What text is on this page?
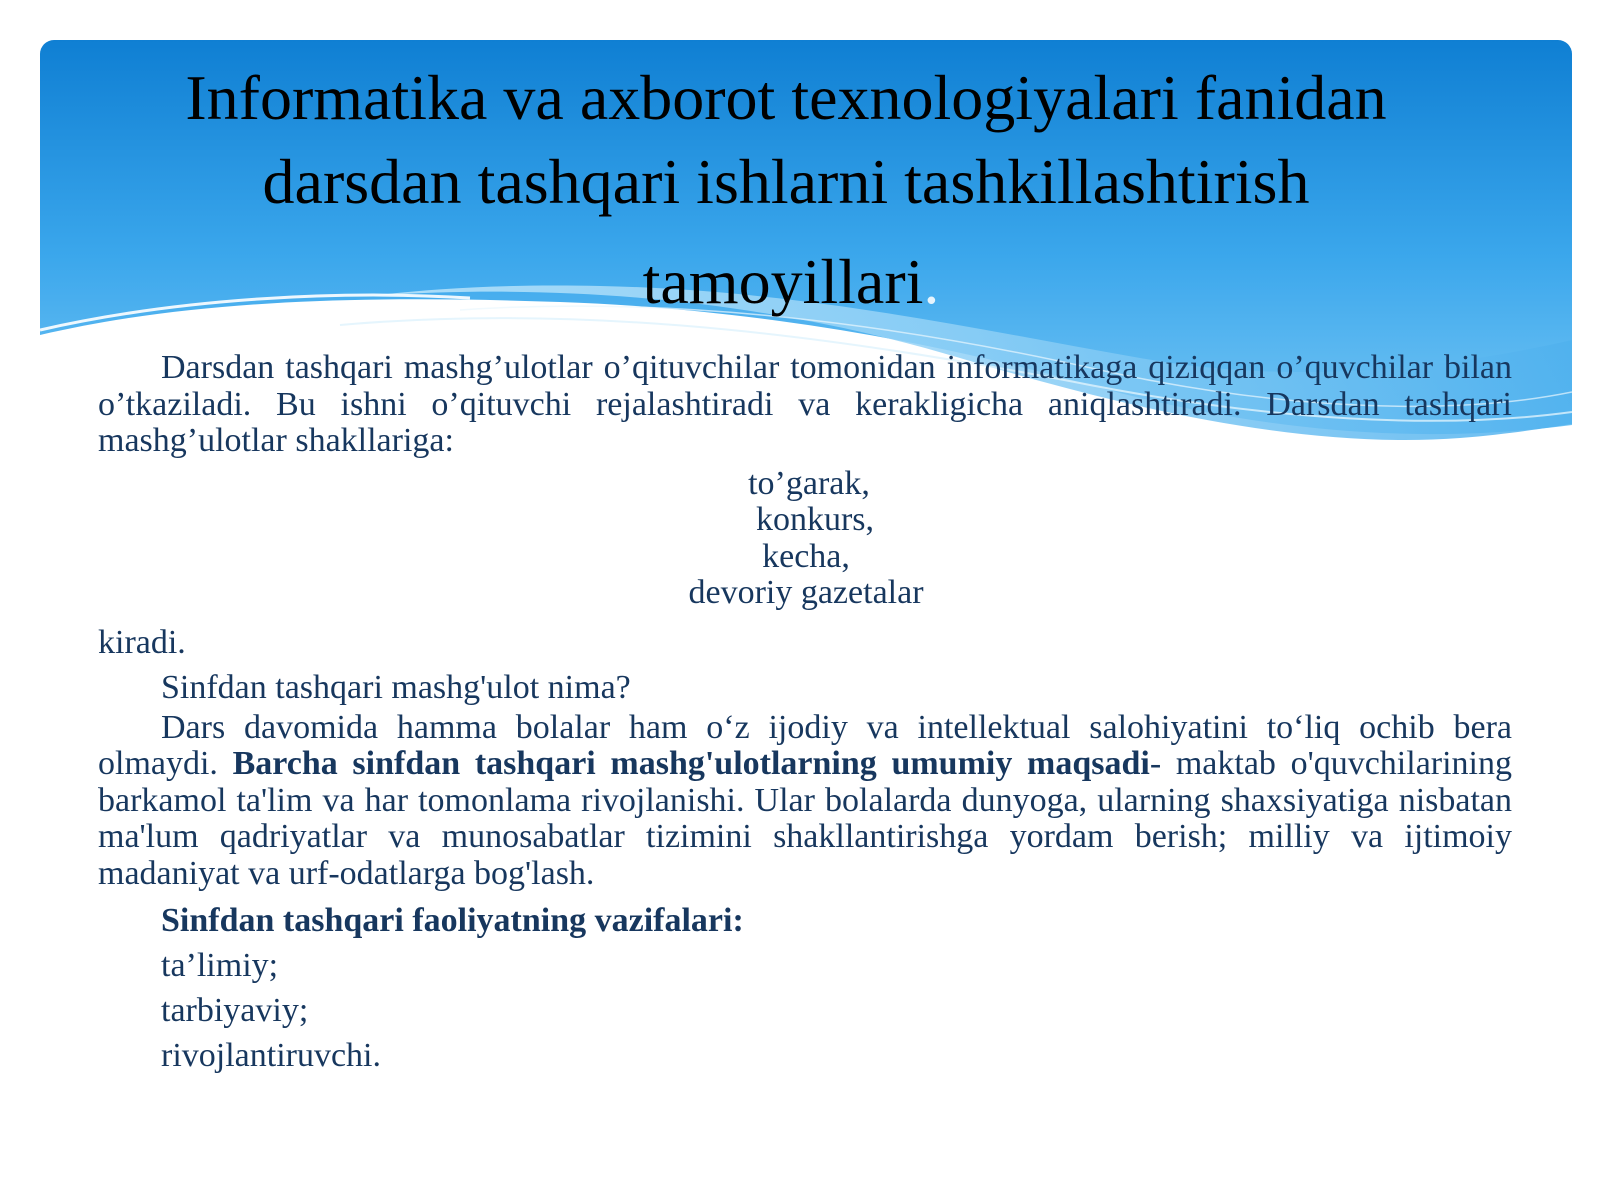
Informatika va axborot texnologiyalari fanidan
darsdan tashqari ishlarni tashkillashtirish
tamoyillari.

Darsdan tashqari mashg’ulotlar o’qituvchilar tomonidan informatikaga qiziqqan o’quvchilar bilan o’tkaziladi. Bu ishni o’qituvchi rejalashtiradi va kerakligicha aniqlashtiradi. Darsdan tashqari mashg’ulotlar shakllariga:

to’garak,
konkurs,
kecha,
devoriy gazetalar

kiradi.

Sinfdan tashqari mashg'ulot nima?

Dars davomida hamma bolalar ham o‘z ijodiy va intellektual salohiyatini to‘liq ochib bera olmaydi. Barcha sinfdan tashqari mashg'ulotlarning umumiy maqsadi- maktab o'quvchilarining barkamol ta'lim va har tomonlama rivojlanishi. Ular bolalarda dunyoga, ularning shaxsiyatiga nisbatan ma'lum qadriyatlar va munosabatlar tizimini shakllantirishga yordam berish; milliy va ijtimoiy madaniyat va urf-odatlarga bog'lash.

Sinfdan tashqari faoliyatning vazifalari:

ta’limiy;

tarbiyaviy;

rivojlantiruvchi.
